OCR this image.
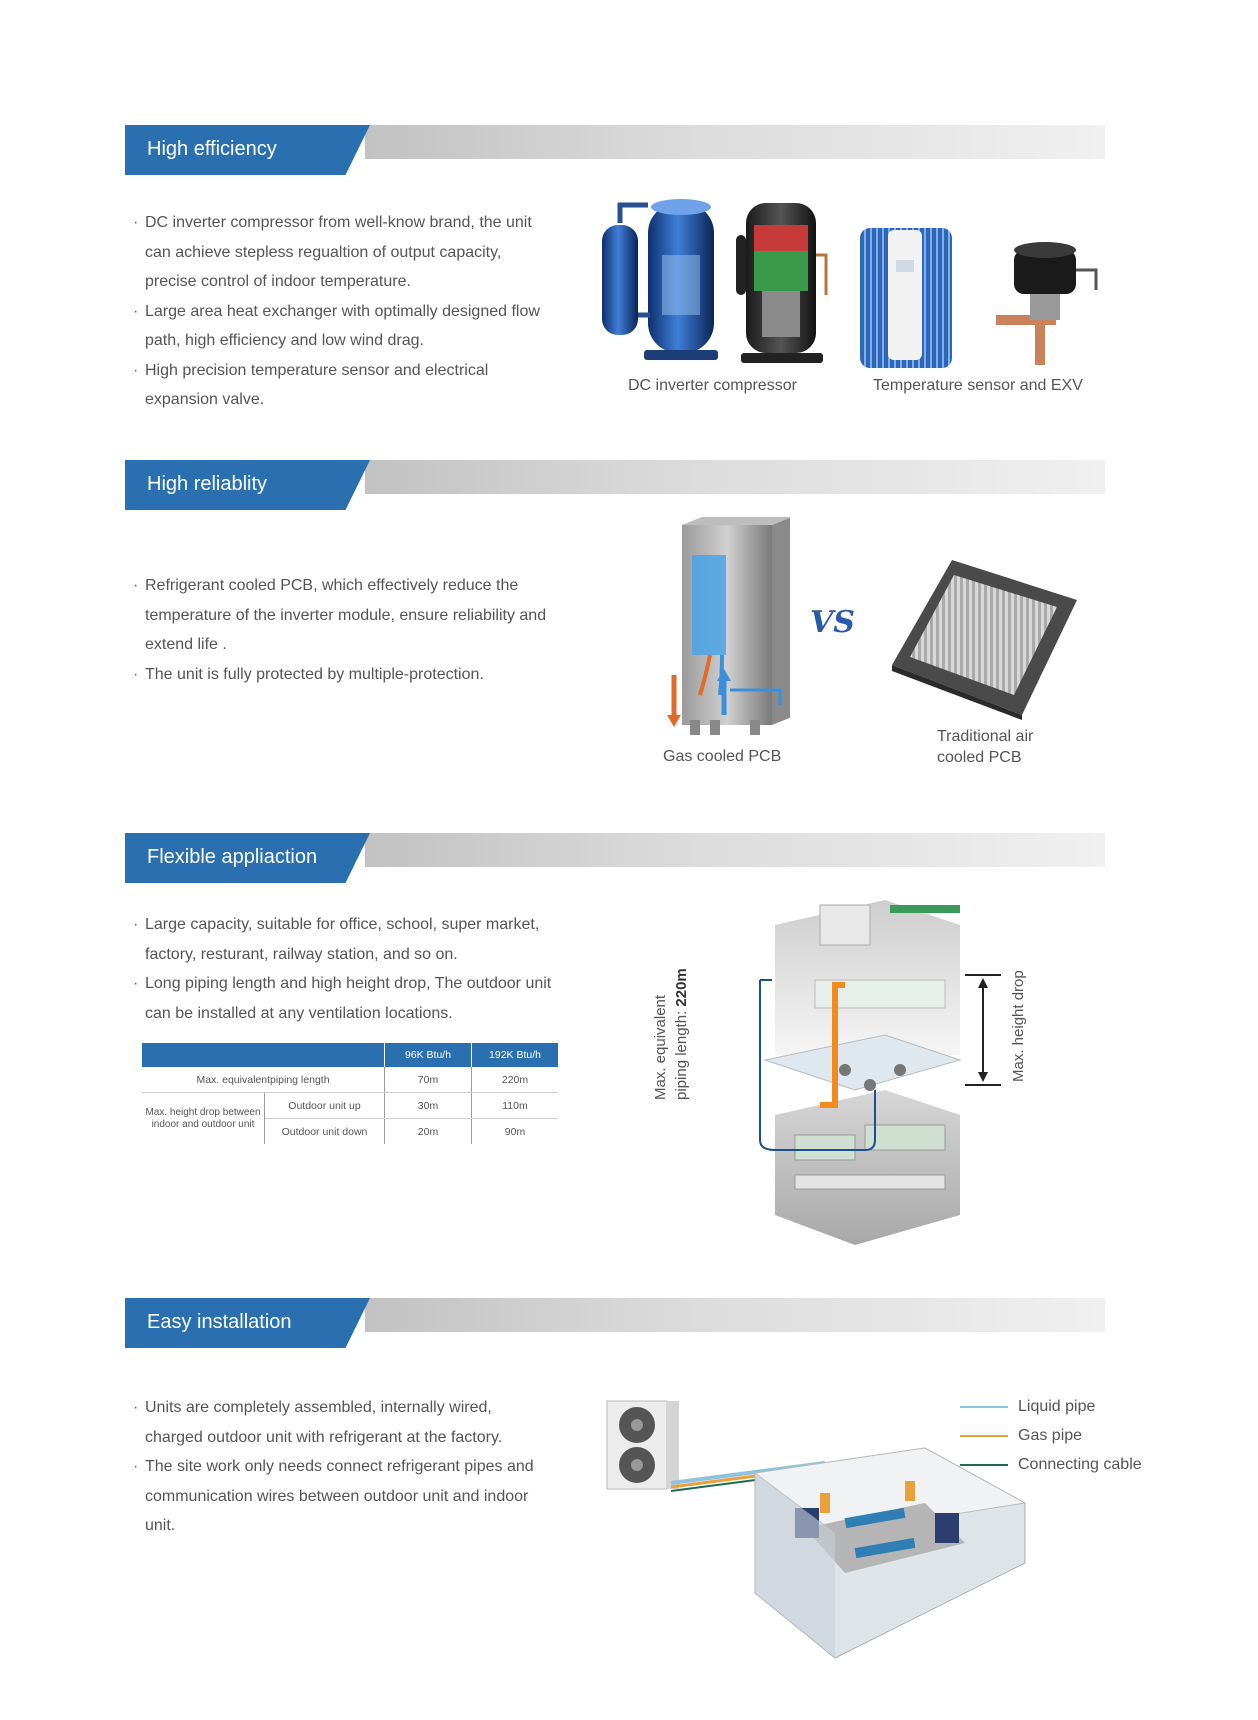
High efficiency
· DC inverter compressor from well-know brand, the unit can achieve stepless regualtion of output capacity, precise control of indoor temperature.
· Large area heat exchanger with optimally designed flow path, high efficiency and low wind drag.
· High precision temperature sensor and electrical expansion valve.
DC inverter compressor	Temperature sensor and EXV
High reliablity
· Refrigerant cooled PCB, which effectively reduce the temperature of the inverter module, ensure reliability and extend life .
· The unit is fully protected by multiple-protection.
VS
Gas cooled PCB
Traditional air cooled PCB
Flexible appliaction
· Large capacity, suitable for office, school, super market, factory, resturant, railway station, and so on.
· Long piping length and high height drop, The outdoor unit can be installed at any ventilation locations.
		96K Btu/h	192K Btu/h
Max. equivalentpiping length		70m	220m
Max. height drop between indoor and outdoor unit	Outdoor unit up	30m	110m
	Outdoor unit down	20m	90m
Max. equivalent piping length: 220m	Max. height drop
Easy installation
· Units are completely assembled, internally wired, charged outdoor unit with refrigerant at the factory.
· The site work only needs connect refrigerant pipes and communication wires between outdoor unit and indoor unit.
Liquid pipe
Gas pipe
Connecting cable
